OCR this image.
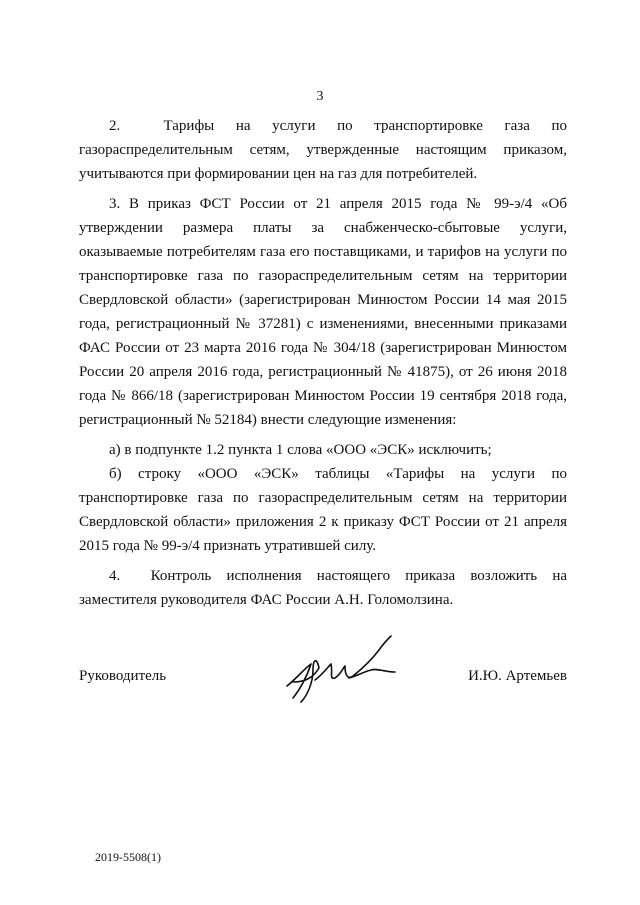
3

2.  Тарифы на услуги по транспортировке газа по газораспределительным сетям, утвержденные настоящим приказом, учитываются при формировании цен на газ для потребителей.

3. В приказ ФСТ России от 21 апреля 2015 года № 99-э/4 «Об утверждении размера платы за снабженческо-сбытовые услуги, оказываемые потребителям газа его поставщиками, и тарифов на услуги по транспортировке газа по газораспределительным сетям на территории Свердловской области» (зарегистрирован Минюстом России 14 мая 2015 года, регистрационный № 37281) с изменениями, внесенными приказами ФАС России от 23 марта 2016 года № 304/18 (зарегистрирован Минюстом России 20 апреля 2016 года, регистрационный № 41875), от 26 июня 2018 года № 866/18 (зарегистрирован Минюстом России 19 сентября 2018 года, регистрационный № 52184) внести следующие изменения:

а) в подпункте 1.2 пункта 1 слова «ООО «ЭСК» исключить;

б) строку «ООО «ЭСК» таблицы «Тарифы на услуги по транспортировке газа по газораспределительным сетям на территории Свердловской области» приложения 2 к приказу ФСТ России от 21 апреля 2015 года № 99-э/4 признать утратившей силу.

4.  Контроль исполнения настоящего приказа возложить на заместителя руководителя ФАС России А.Н. Голомолзина.

Руководитель	И.Ю. Артемьев
2019-5508(1)
